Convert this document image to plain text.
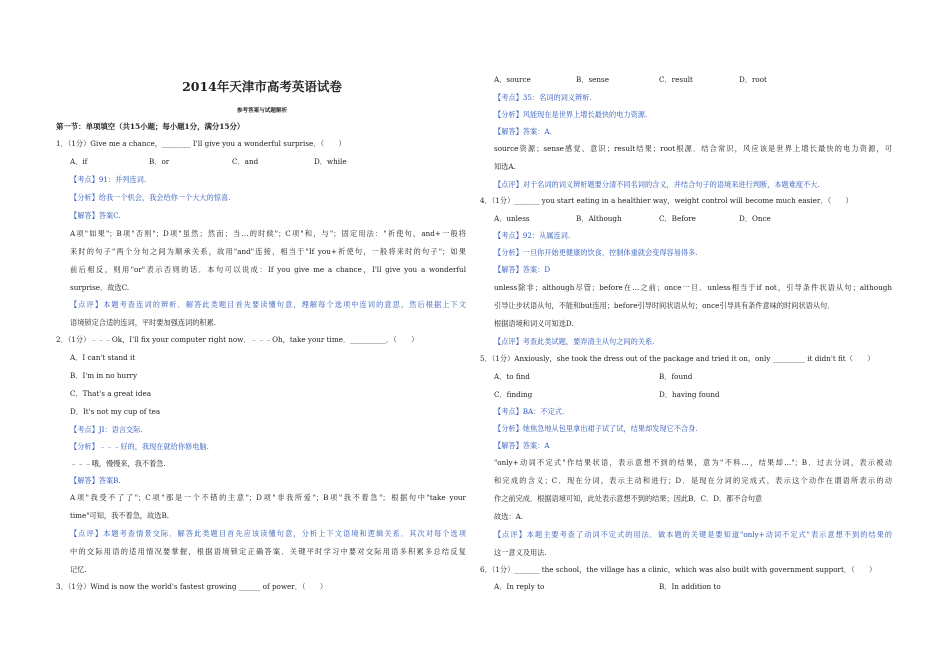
2014年天津市高考英语试卷
参考答案与试题解析
第一节：单项填空（共15小题；每小题1分，满分15分）
1．（1分）Give me a chance，________ I'll give you a wonderful surprise．（　　）
A．if	B．or	C．and	D．while
【考点】91：并列连词.
【分析】给我一个机会，我会给你一个大大的惊喜.
【解答】答案C.
A项"如果"；B项"否则"；D项"虽然；然而；当…的时候"；C项"和，与"；固定用法："祈使句，and+一般将
来时的句子"两个分句之间为顺承关系，故用"and"连接，相当于"If you+祈使句，一般将来时的句子"；如果
前后相反，则用"or"表示否则的话．本句可以说成：If you give me a chance，I'll give you a wonderful
surprise．故选C.
【点评】本题考查连词的辨析．解答此类题目首先要读懂句意，理解每个选项中连词的意思，然后根据上下文
语境锁定合适的连词，平时要加强连词的积累.
2．（1分）﹣﹣﹣Ok，I'll fix your computer right now．﹣﹣﹣Oh，take your time．__________．（　　）
A．I can't stand it
B．I'm in no hurry
C．That's a great idea
D．It's not my cup of tea
【考点】JI：语言交际.
【分析】﹣﹣﹣好的，我现在就给你修电脑.
﹣﹣﹣哦，慢慢来，我不着急.
【解答】答案B.
A项"我受不了了"；C项"那是一个不错的主意"；D项"非我所爱"；B项"我不着急"；根据句中"take your
time"可知，我不着急，故选B.
【点评】本题考查情景交际．解答此类题目首先应该读懂句意，分析上下文语境和逻辑关系．其次对每个选项
中的交际用语的适用情况要掌握，根据语境锁定正确答案．关键平时学习中要对交际用语多积累多总结反复
记忆.
3．（1分）Wind is now the world's fastest growing ______ of power．（　　）
A．source	B．sense	C．result	D．root
【考点】35：名词的词义辨析.
【分析】风能现在是世界上增长最快的电力资源.
【解答】答案：A.
source资源；sense感觉、意识；result结果；root根源．结合常识，风应该是世界上增长最快的电力资源，可
知选A.
【点评】对于名词的词义辨析题要分清不同名词的含义，并结合句子的语境来进行判断，本题难度不大.
4．（1分）_______ you start eating in a healthier way，weight control will become much easier．（　　）
A．unless	B．Although	C．Before	D．Once
【考点】92：从属连词.
【分析】一旦你开始更健康的饮食，控制体重就会变得容易得多.
【解答】答案：D
unless除非；although尽管；before在…之前；once一旦．unless相当于if not，引导条件状语从句；although
引导让步状语从句，不能和but连用；before引导时间状语从句；once引导具有条件意味的时间状语从句．
根据语境和词义可知选D.
【点评】考查此类试题，要弄清主从句之间的关系.
5．（1分）Anxiously，she took the dress out of the package and tried it on，only _________ it didn't fit（　　）
A．to find	B．found
C．finding	D．having found
【考点】BA：不定式.
【分析】她焦急地从包里拿出裙子试了试，结果却发现它不合身.
【解答】答案：A
"only+动词不定式"作结果状语，表示意想不到的结果，意为"不料…，结果却…"；B．过去分词，表示被动
和完成的含义；C．现在分词，表示主动和进行；D．是现在分词的完成式，表示这个动作在谓语所表示的动
作之前完成．根据语境可知，此处表示意想不到的结果；因此B．C．D．都不合句意
故选：A.
【点评】本题主要考查了动词不定式的用法．做本题的关键是要知道"only+动词不定式"表示意想不到的结果的
这一意义及用法.
6．（1分）_______ the school，the village has a clinic，which was also built with government support．（　　）
A．In reply to	B．In addition to
